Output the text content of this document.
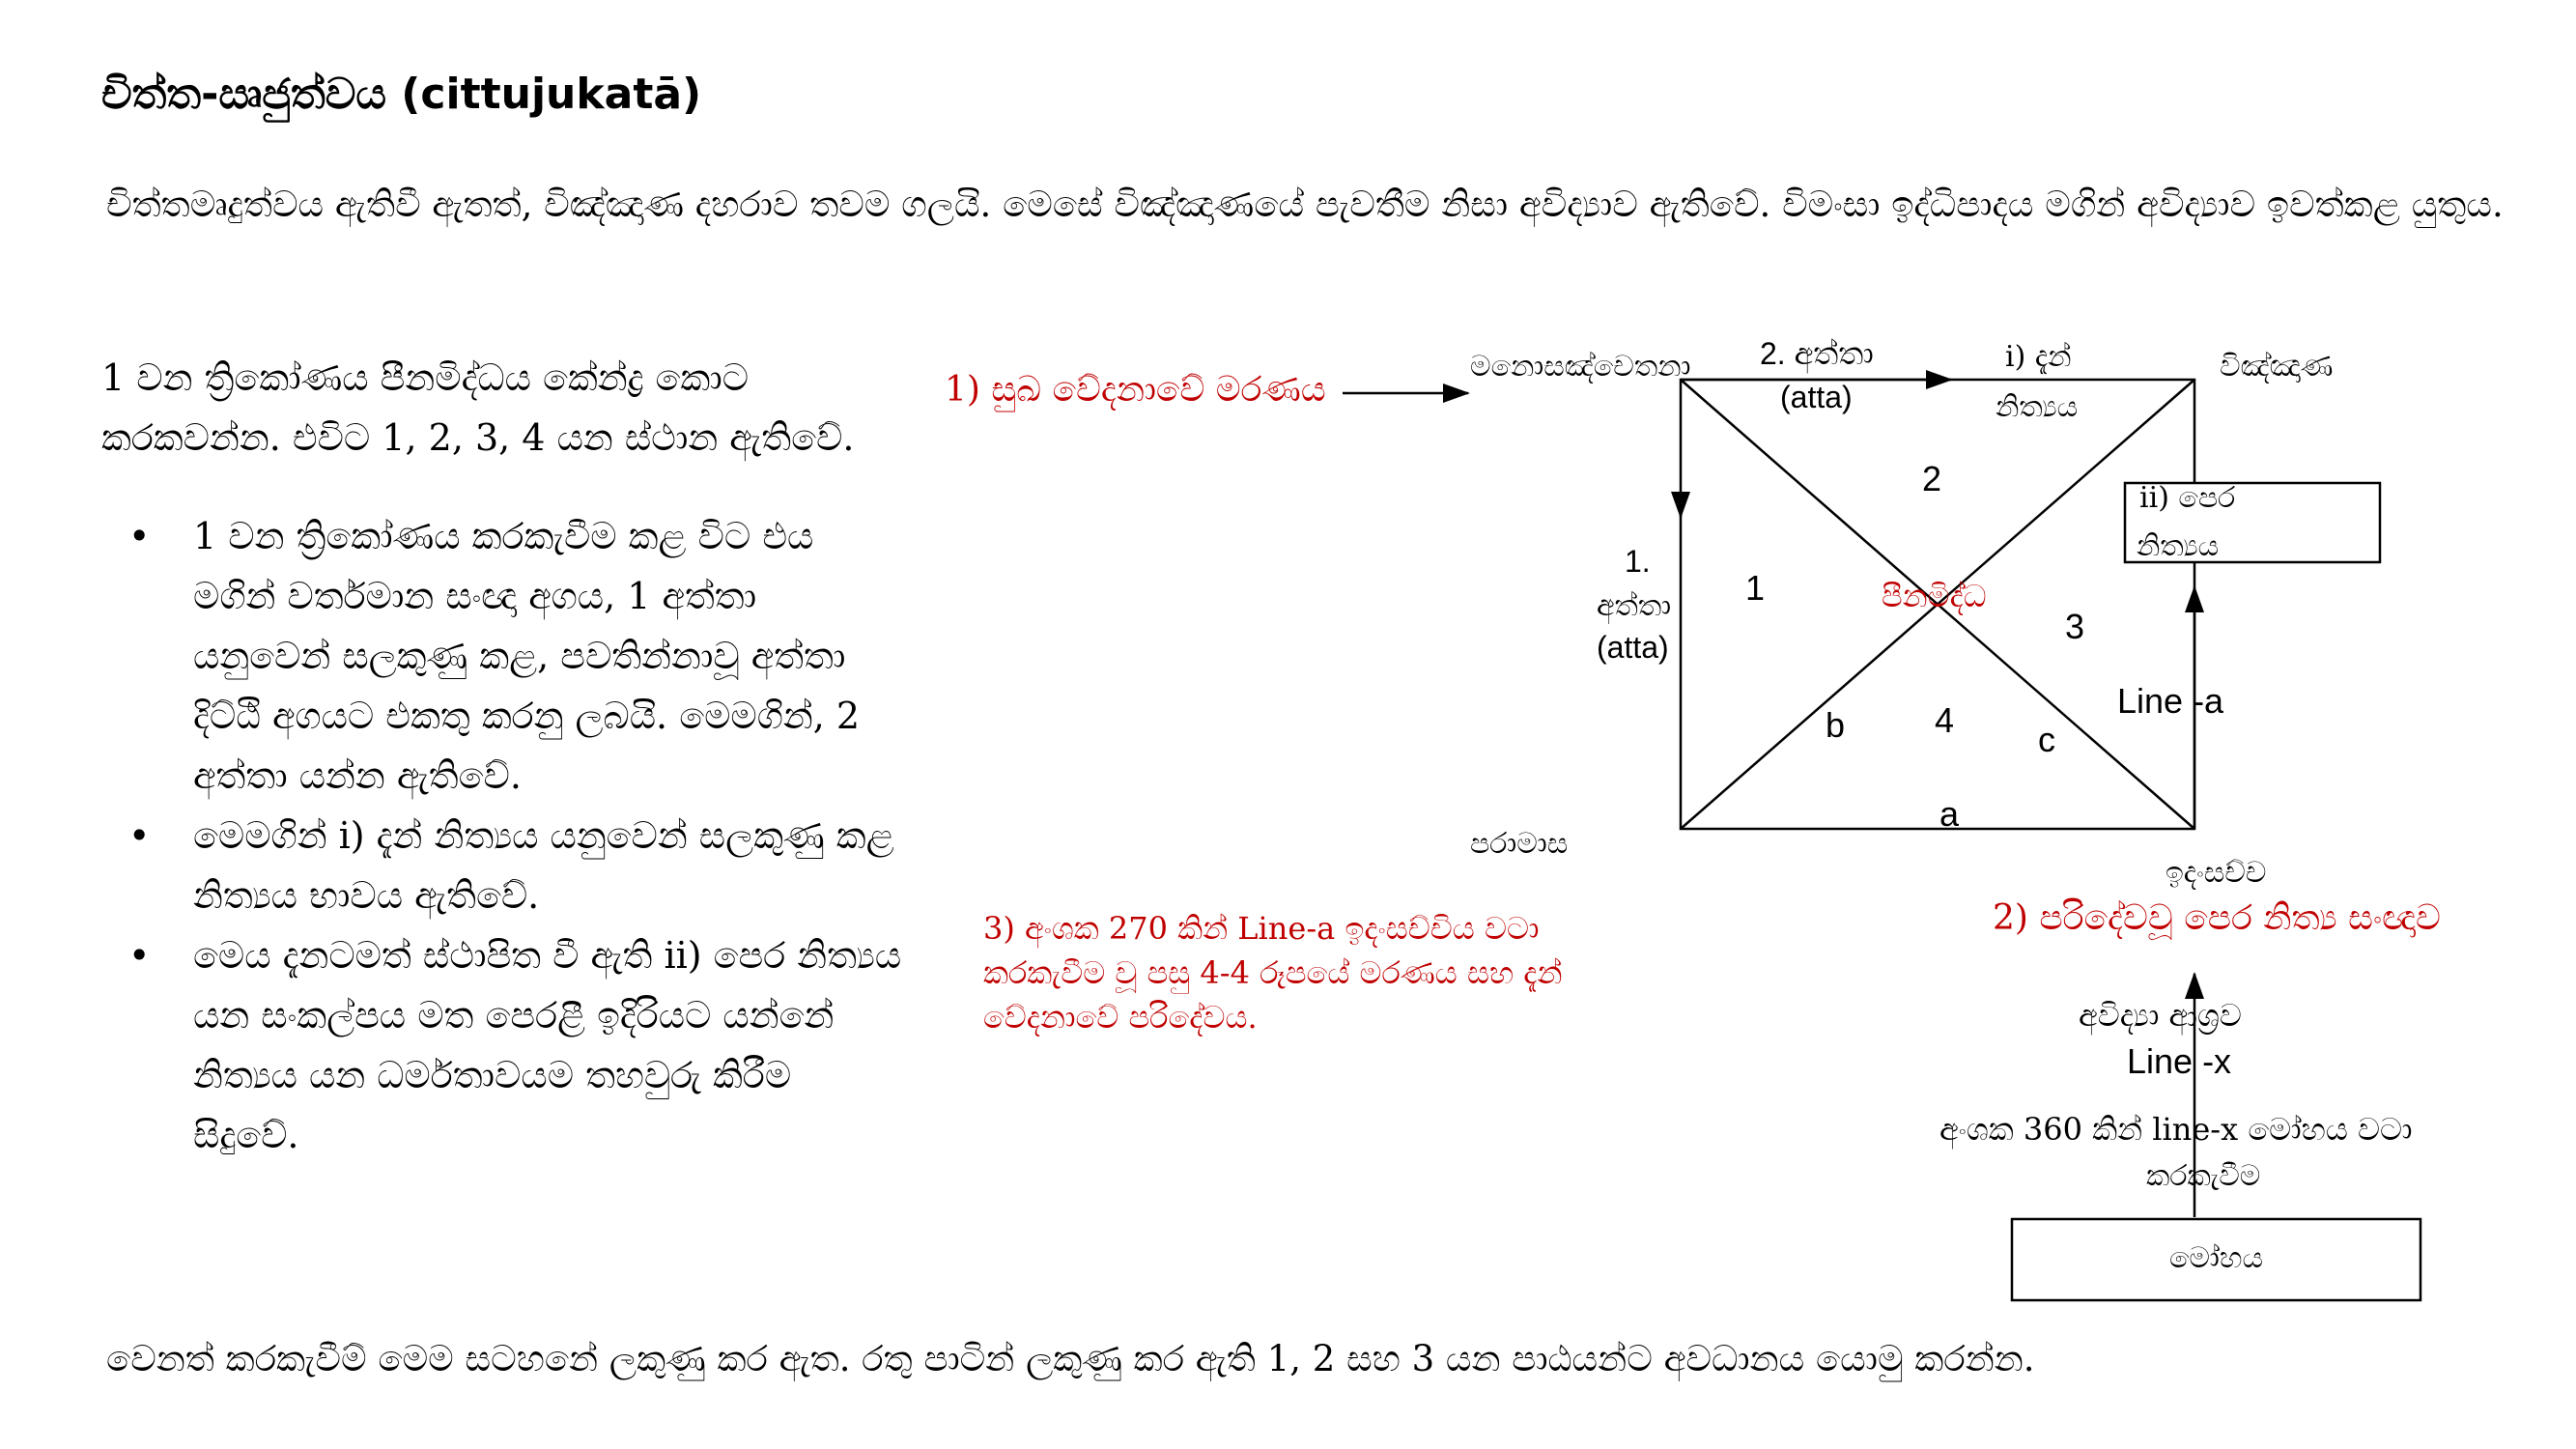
චිත්ත-ඍජුත්වය (cittujukatā)
චිත්තමෘදුත්වය ඇතිවී ඇතත්, විඤ්ඤාණ දහරාව තවම ගලයි. මෙසේ විඤ්ඤාණයේ පැවතීම නිසා අවිද්‍යාව ඇතිවේ. විමංසා ඉද්ධිපාදය මගින් අවිද්‍යාව ඉවත්කළ යුතුය.

1 වන ත්‍රිකෝණය පීනමිද්ධය කේන්ද්‍ර කොට කරකවන්න. එවිට 1, 2, 3, 4 යන ස්ථාන ඇතිවේ.

• 1 වන ත්‍රිකෝණය කරකැවීම කළ විට එය මගින් වර්තමාන සංඥා අගය, 1 අත්තා යනුවෙන් සලකුණු කළ, පවතින්නාවූ අත්තා දිට්ඨි අගයට එකතු කරනු ලබයි. මෙමගින්, 2 අත්තා යන්න ඇතිවේ.
• මෙමගින් i) දැන් නිත්‍යය යනුවෙන් සලකුණු කළ නිත්‍යය භාවය ඇතිවේ.
• මෙය දැනටමත් ස්ථාපිත වී ඇති ii) පෙර නිත්‍යය යන සංකල්පය මත පෙරළී ඉදිරියට යන්නේ නිත්‍යය යන ධර්මතාවයම තහවුරු කිරීම සිදුවේ.
1) සුඛ වේදනාවේ මරණය
මනොසඤ්චෙතනා 2. අත්තා
(atta)
i) දැන්
නිත්‍යය
විඤ්ඤාණ
2	ii) පෙර
නිත්‍යය
1.
අත්තා
(atta)
1	පීනමිද්ධ
3
Line -a
b	4 c
a
පරාමාස
ඉදංසච්ච
2) පරිදේවවූ පෙර නිත්‍ය සංඥාව
3) අංශක 270 කින් Line-a ඉදංසච්චිය වටා
කරකැවීම වූ පසු 4-4 රූපයේ මරණය සහ දැන්
වේදනාවේ පරිදේවය.	අවිද්‍යා ආශ්‍රව
Line -x
අංශක 360 කින් line-x මෝහය වටා
කරකැවීම
මෝහය
වෙනත් කරකැවීම් මෙම සටහනේ ලකුණු කර ඇත. රතු පාටින් ලකුණු කර ඇති 1, 2 සහ 3 යන පාඨයන්ට අවධානය යොමු කරන්න.
